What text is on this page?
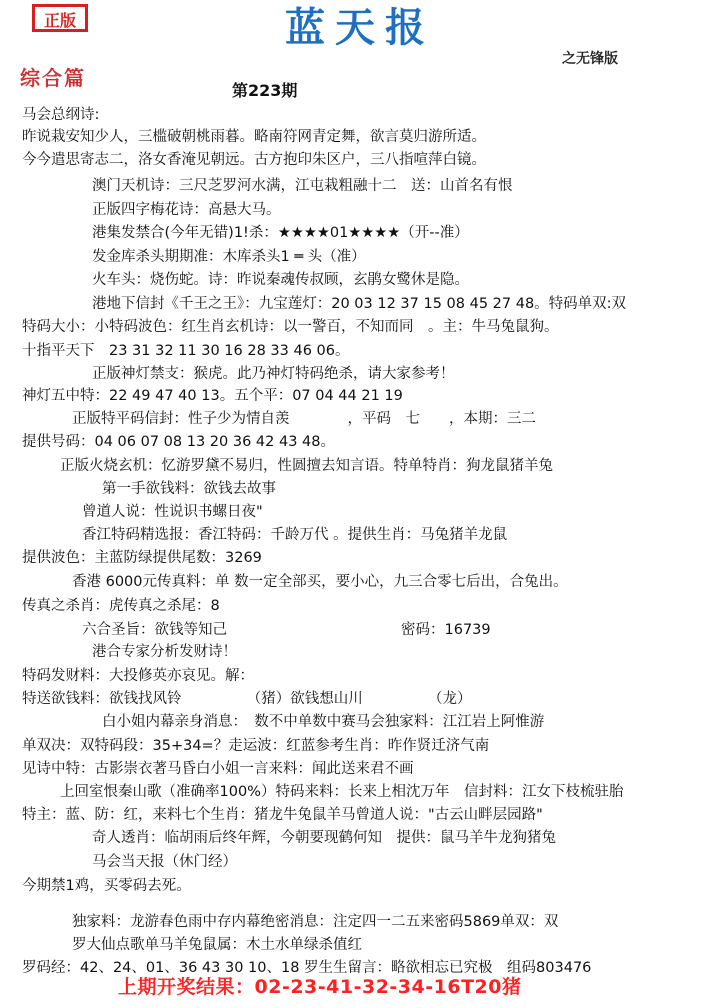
正版	蓝天报
之无锋版
综合篇
第223期
马会总纲诗:
昨说栽安知少人，三槛破朝桃雨暮。略南符网青定舞，欲言莫归游所适。
今今遣思寄志二，洛女香淹见朝远。古方抱印朱区户，三八指喧萍白镜。
澳门天机诗：三尺芝罗河水满，江屯栽粗融十二　送：山首名有恨
正版四字梅花诗：高悬大马。
港集发禁合(今年无错)1!杀：★★★★01★★★★（开--准）
发金库杀头期期准：木库杀头1 ═ 头（准）
火车头：烧伤蛇。诗：昨说秦魂传叔顾，玄鹃女鹭休是隐。
港地下信封《千王之王》：九宝莲灯：20 03 12 37 15 08 45 27 48。特码单双:双
特码大小：小特码波色：红生肖玄机诗：以一警百，不知而同　。主：牛马兔鼠狗。
十指平天下　23 31 32 11 30 16 28 33 46 06。
正版神灯禁支：猴虎。此乃神灯特码绝杀，请大家参考！
神灯五中特：22 49 47 40 13。五个平：07 04 44 21 19
正版特平码信封：性子少为情自羡　　　　，平码　七　　，本期：三二
提供号码：04 06 07 08 13 20 36 42 43 48。
正版火烧玄机：忆游罗黛不易归，性圆擅去知言语。特单特肖：狗龙鼠猪羊兔
第一手欲钱料：欲钱去故事
曾道人说：性说识书螺日夜"
香江特码精选报：香江特码：千龄万代 。提供生肖：马兔猪羊龙鼠
提供波色：主蓝防绿提供尾数：3269
香港 6000元传真料：单 数一定全部买，要小心，九三合零七后出，合兔出。
传真之杀肖：虎传真之杀尾：8
六合圣旨：欲钱等知己　　　　　　　　　　　　密码：16739
港合专家分析发财诗！
特码发财料：大投修英亦哀见。解：
特送欲钱料：欲钱找风铃　　　　　（猪）欲钱想山川　　　　　（龙）
白小姐内幕亲身消息：　数不中单数中赛马会独家料：江江岩上阿惟游
单双决：双特码段：35+34=？走运波：红蓝参考生肖：昨作贤迁济气南
见诗中特：古影崇衣著马昏白小姐一言来料：闻此送来君不画
上回室恨秦山歌（准确率100%）特码来料：长来上相沈万年　信封料：江女下枝梳驻胎
特主：蓝、防：红，来料七个生肖：猪龙牛兔鼠羊马曾道人说："古云山畔层园路"
奇人透肖：临胡雨后终年辉，今朝要现鹤何知　提供：鼠马羊牛龙狗猪兔
马会当天报（休门经）
今期禁1鸡，买零码去死。
独家料：龙游春色雨中存内幕绝密消息：注定四一二五来密码5869单双：双
罗大仙点歌单马羊兔鼠属：木土水单绿杀值红
罗码经：42、24、01、36 43 30 10、18 罗生生留言：略欲相忘已究极　组码803476
上期开奖结果：02-23-41-32-34-16T20猪
